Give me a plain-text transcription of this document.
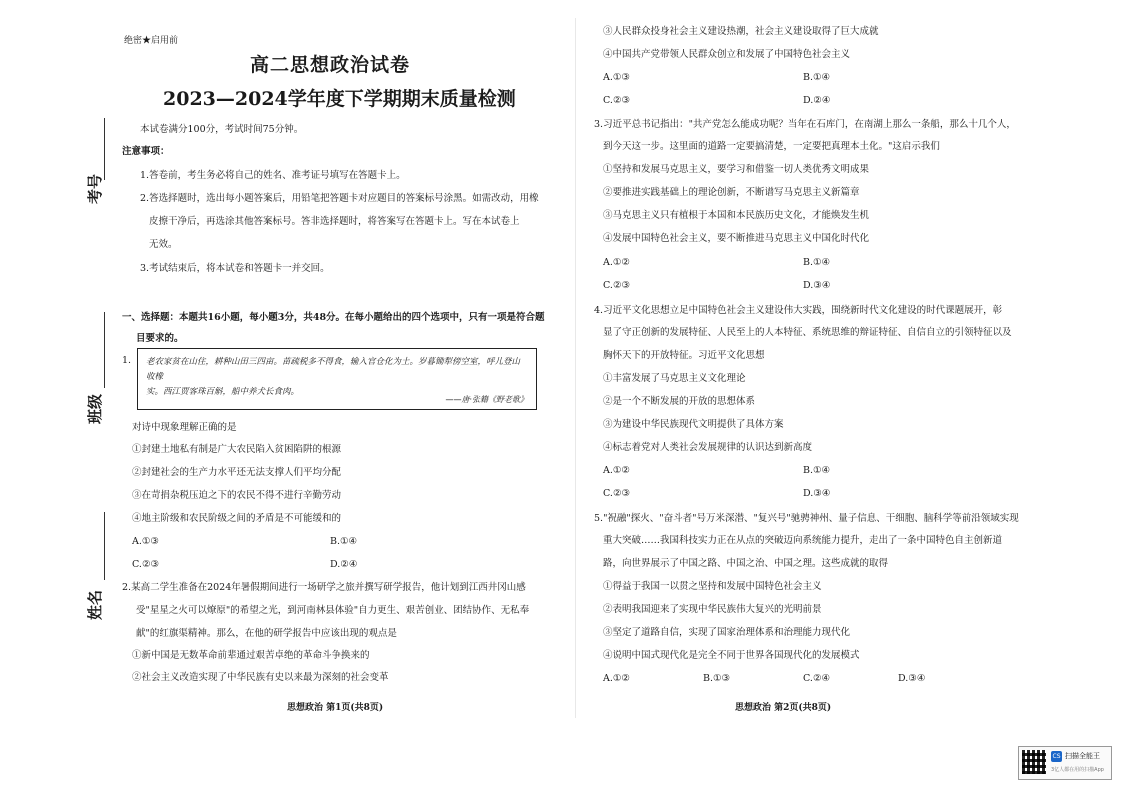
考号
班级
姓名
绝密★启用前
高二思想政治试卷
2023—2024学年度下学期期末质量检测
本试卷满分100分，考试时间75分钟。
注意事项：
1.答卷前，考生务必将自己的姓名、准考证号填写在答题卡上。
2.答选择题时，选出每小题答案后，用铅笔把答题卡对应题目的答案标号涂黑。如需改动，用橡
皮擦干净后，再选涂其他答案标号。答非选择题时，将答案写在答题卡上。写在本试卷上
无效。
3.考试结束后，将本试卷和答题卡一并交回。
一、选择题：本题共16小题，每小题3分，共48分。在每小题给出的四个选项中，只有一项是符合题
目要求的。
1. 老农家贫在山住，耕种山田三四亩。苗疏税多不得食，输入官仓化为土。岁暮锄犁傍空室，呼儿登山收橡
实。西江贾客珠百斛，船中养犬长食肉。
——唐·张籍《野老歌》
对诗中现象理解正确的是
①封建土地私有制是广大农民陷入贫困陷阱的根源
②封建社会的生产力水平还无法支撑人们平均分配
③在苛捐杂税压迫之下的农民不得不进行辛勤劳动
④地主阶级和农民阶级之间的矛盾是不可能缓和的
A.①③	B.①④
C.②③	D.②④
2.某高二学生准备在2024年暑假期间进行一场研学之旅并撰写研学报告，他计划到江西井冈山感
受"星星之火可以燎原"的希望之光，到河南林县体验"自力更生、艰苦创业、团结协作、无私奉
献"的红旗渠精神。那么，在他的研学报告中应该出现的观点是
①新中国是无数革命前辈通过艰苦卓绝的革命斗争换来的
②社会主义改造实现了中华民族有史以来最为深刻的社会变革
思想政治 第1页(共8页)
③人民群众投身社会主义建设热潮，社会主义建设取得了巨大成就
④中国共产党带领人民群众创立和发展了中国特色社会主义
A.①③	B.①④
C.②③	D.②④
3.习近平总书记指出："共产党怎么能成功呢？当年在石库门，在南湖上那么一条船，那么十几个人，
到今天这一步。这里面的道路一定要搞清楚，一定要把真理本土化。"这启示我们
①坚持和发展马克思主义，要学习和借鉴一切人类优秀文明成果
②要推进实践基础上的理论创新，不断谱写马克思主义新篇章
③马克思主义只有植根于本国和本民族历史文化，才能焕发生机
④发展中国特色社会主义，要不断推进马克思主义中国化时代化
A.①②	B.①④
C.②③	D.③④
4.习近平文化思想立足中国特色社会主义建设伟大实践，围绕新时代文化建设的时代课题展开，彰
显了守正创新的发展特征、人民至上的人本特征、系统思维的辩证特征、自信自立的引领特征以及
胸怀天下的开放特征。习近平文化思想
①丰富发展了马克思主义文化理论
②是一个不断发展的开放的思想体系
③为建设中华民族现代文明提供了具体方案
④标志着党对人类社会发展规律的认识达到新高度
A.①②	B.①④
C.②③	D.③④
5."祝融"探火、"奋斗者"号万米深潜、"复兴号"驰骋神州、量子信息、干细胞、脑科学等前沿领域实现
重大突破……我国科技实力正在从点的突破迈向系统能力提升，走出了一条中国特色自主创新道
路，向世界展示了中国之路、中国之治、中国之理。这些成就的取得
①得益于我国一以贯之坚持和发展中国特色社会主义
②表明我国迎来了实现中华民族伟大复兴的光明前景
③坚定了道路自信，实现了国家治理体系和治理能力现代化
④说明中国式现代化是完全不同于世界各国现代化的发展模式
A.①②	B.①③	C.②④	D.③④
思想政治 第2页(共8页)
CS 扫描全能王
3亿人都在用的扫描App
